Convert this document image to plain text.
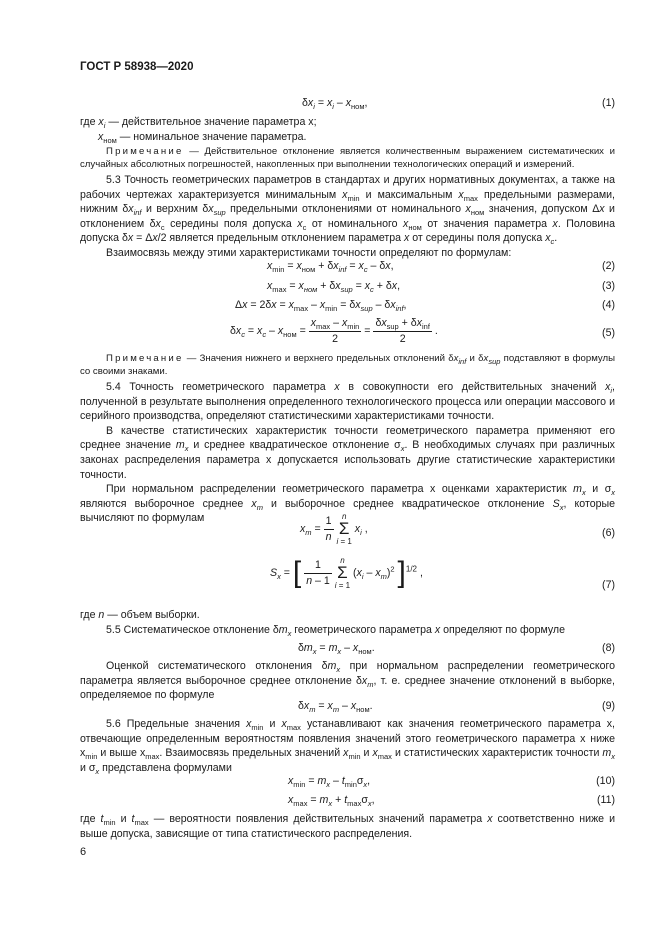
ГОСТ Р 58938—2020
$\delta x_i = x_i - x_{ном}$,	(1)
где $x_i$ — действительное значение параметра x;
$x_{ном}$ — номинальное значение параметра.

Примечание — Действительное отклонение является количественным выражением систематических и случайных абсолютных погрешностей, накопленных при выполнении технологических операций и измерений.

5.3 Точность геометрических параметров в стандартах и других нормативных документах, а также на рабочих чертежах характеризуется минимальным $x_{min}$ и максимальным $x_{max}$ предельными размерами, нижним $\delta x_{inf}$ и верхним $\delta x_{sup}$ предельными отклонениями от номинального $x_{ном}$ значения, допуском Δx и отклонением $\delta x_c$ середины поля допуска $x_c$ от номинального $x_{ном}$ от значения параметра x. Половина допуска δx = Δx/2 является предельным отклонением параметра x от середины поля допуска $x_c$.

Взаимосвязь между этими характеристиками точности определяют по формулам:

$x_{min} = x_{ном} + \delta x_{inf} = x_c - \delta x$,	(2)
$x_{max} = x_{ном} + \delta x_{sup} = x_c + \delta x$,	(3)
$\Delta x = 2\delta x = x_{max} - x_{min} = \delta x_{sup} - \delta x_{inf}$,	(4)
$\delta x_c = x_c - x_{ном} = \frac{x_{max} - x_{min}}{2} = \frac{\delta x_{sup} + \delta x_{inf}}{2}$ .	(5)

Примечание — Значения нижнего и верхнего предельных отклонений $\delta x_{inf}$ и $\delta x_{sup}$ подставляют в формулы со своими знаками.

5.4 Точность геометрического параметра x в совокупности его действительных значений $x_i$, полученной в результате выполнения определенного технологического процесса или операции массового и серийного производства, определяют статистическими характеристиками точности.

В качестве статистических характеристик точности геометрического параметра применяют его среднее значение $m_x$ и среднее квадратическое отклонение $\sigma_x$. В необходимых случаях при различных законах распределения параметра x допускается использовать другие статистические характеристики точности.

При нормальном распределении геометрического параметра x оценками характеристик $m_x$ и $\sigma_x$ являются выборочное среднее $x_m$ и выборочное среднее квадратическое отклонение $S_x$, которые вычисляют по формулам

$x_m = \frac{1}{n}$ n
Σ
i = 1 $x_i$ ,	(6)
$S_x$ = [ $\frac{1}{n - 1}$ n
Σ
i = 1 $(x_i - x_m)^2$ ]$^{1/2}$ ,
(7)
где n — объем выборки.

5.5 Систематическое отклонение $\delta m_x$ геометрического параметра x определяют по формуле

$\delta m_x = m_x - x_{ном}$.	(8)

Оценкой систематического отклонения $\delta m_x$ при нормальном распределении геометрического параметра является выборочное среднее отклонение $\delta x_m$, т. е. среднее значение отклонений в выборке, определяемое по формуле

$\delta x_m = x_m - x_{ном}$.	(9)

5.6 Предельные значения $x_{min}$ и $x_{max}$ устанавливают как значения геометрического параметра x, отвечающие определенным вероятностям появления значений этого геометрического параметра x ниже $x_{min}$ и выше $x_{max}$. Взаимосвязь предельных значений $x_{min}$ и $x_{max}$ и статистических характеристик точности $m_x$ и $\sigma_x$ представлена формулами

$x_{min} = m_x - t_{min}\sigma_x$,	(10)
$x_{max} = m_x + t_{max}\sigma_x$,	(11)

где $t_{min}$ и $t_{max}$ — вероятности появления действительных значений параметра x соответственно ниже и выше допуска, зависящие от типа статистического распределения.

6
